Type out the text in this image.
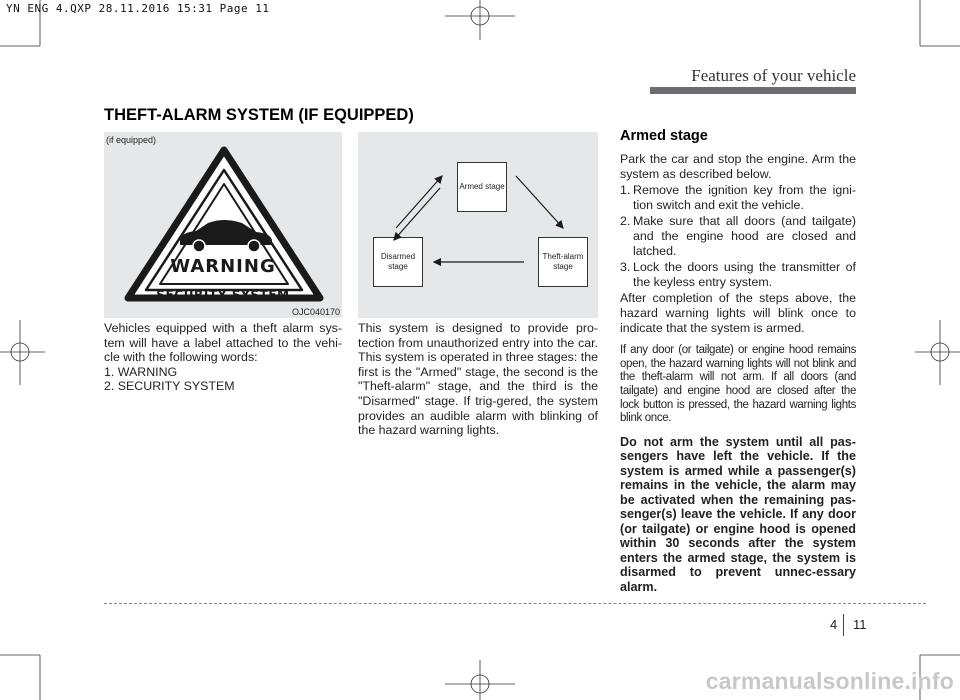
YN ENG 4.QXP 28.11.2016 15:31 Page 11
Features of your vehicle
THEFT-ALARM SYSTEM (IF EQUIPPED)
(if equipped)
WARNING
SECURITY SYSTEM
OJC040170

Vehicles equipped with a theft alarm sys-tem will have a label attached to the vehi-cle with the following words:

1. WARNING

2. SECURITY SYSTEM

Armed stage
Theft-alarm stage
Disarmed stage

This system is designed to provide pro-tection from unauthorized entry into the car. This system is operated in three stages: the first is the "Armed" stage, the second is the "Theft-alarm" stage, and the third is the "Disarmed" stage. If trig-gered, the system provides an audible alarm with blinking of the hazard warning lights.

Armed stage

Park the car and stop the engine. Arm the system as described below.

1. Remove the ignition key from the igni-tion switch and exit the vehicle.

2. Make sure that all doors (and tailgate) and the engine hood are closed and latched.

3. Lock the doors using the transmitter of the keyless entry system.

After completion of the steps above, the hazard warning lights will blink once to indicate that the system is armed.

If any door (or tailgate) or engine hood remains open, the hazard warning lights will not blink and the theft-alarm will not arm. If all doors (and tailgate) and engine hood are closed after the lock button is pressed, the hazard warning lights blink once.

Do not arm the system until all pas-sengers have left the vehicle. If the system is armed while a passenger(s) remains in the vehicle, the alarm may be activated when the remaining pas-senger(s) leave the vehicle. If any door (or tailgate) or engine hood is opened within 30 seconds after the system enters the armed stage, the system is disarmed to prevent unnec-essary alarm.

4 11
carmanualsonline.info
